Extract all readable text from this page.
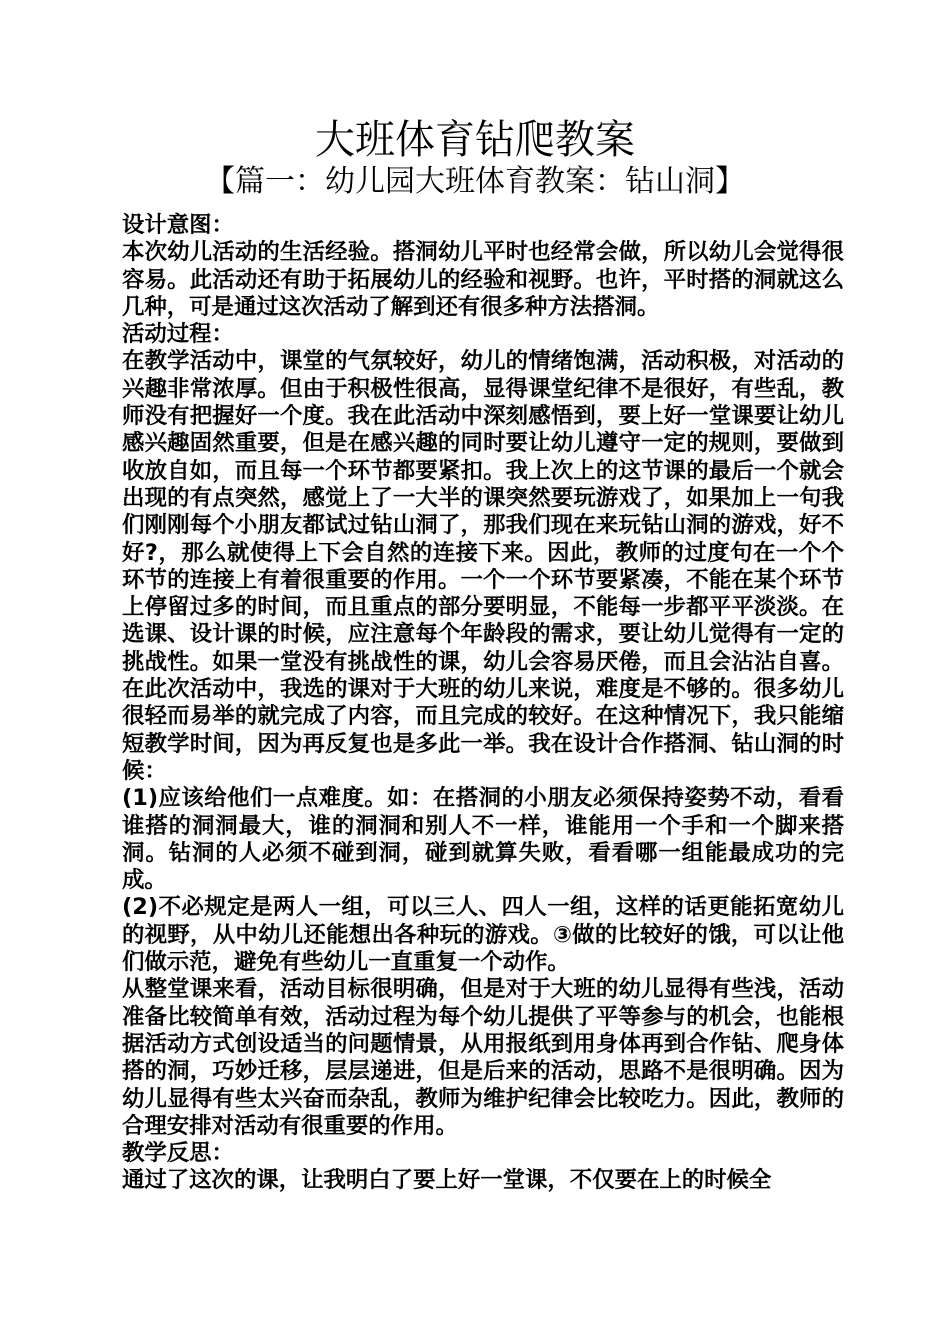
大班体育钻爬教案
【篇一：幼儿园大班体育教案：钻山洞】

设计意图：

本次幼儿活动的生活经验。搭洞幼儿平时也经常会做，所以幼儿会觉得很容易。此活动还有助于拓展幼儿的经验和视野。也许，平时搭的洞就这么几种，可是通过这次活动了解到还有很多种方法搭洞。

活动过程：

在教学活动中，课堂的气氛较好，幼儿的情绪饱满，活动积极，对活动的兴趣非常浓厚。但由于积极性很高，显得课堂纪律不是很好，有些乱，教师没有把握好一个度。我在此活动中深刻感悟到，要上好一堂课要让幼儿感兴趣固然重要，但是在感兴趣的同时要让幼儿遵守一定的规则，要做到收放自如，而且每一个环节都要紧扣。我上次上的这节课的最后一个就会出现的有点突然，感觉上了一大半的课突然要玩游戏了，如果加上一句我们刚刚每个小朋友都试过钻山洞了，那我们现在来玩钻山洞的游戏，好不好?，那么就使得上下会自然的连接下来。因此，教师的过度句在一个个环节的连接上有着很重要的作用。一个一个环节要紧凑，不能在某个环节上停留过多的时间，而且重点的部分要明显，不能每一步都平平淡淡。在选课、设计课的时候，应注意每个年龄段的需求，要让幼儿觉得有一定的挑战性。如果一堂没有挑战性的课，幼儿会容易厌倦，而且会沾沾自喜。在此次活动中，我选的课对于大班的幼儿来说，难度是不够的。很多幼儿很轻而易举的就完成了内容，而且完成的较好。在这种情况下，我只能缩短教学时间，因为再反复也是多此一举。我在设计合作搭洞、钻山洞的时候：

(1)应该给他们一点难度。如：在搭洞的小朋友必须保持姿势不动，看看谁搭的洞洞最大，谁的洞洞和别人不一样，谁能用一个手和一个脚来搭洞。钻洞的人必须不碰到洞，碰到就算失败，看看哪一组能最成功的完成。

(2)不必规定是两人一组，可以三人、四人一组，这样的话更能拓宽幼儿的视野，从中幼儿还能想出各种玩的游戏。③做的比较好的饿，可以让他们做示范，避免有些幼儿一直重复一个动作。

从整堂课来看，活动目标很明确，但是对于大班的幼儿显得有些浅，活动准备比较简单有效，活动过程为每个幼儿提供了平等参与的机会，也能根据活动方式创设适当的问题情景，从用报纸到用身体再到合作钻、爬身体搭的洞，巧妙迁移，层层递进，但是后来的活动，思路不是很明确。因为幼儿显得有些太兴奋而杂乱，教师为维护纪律会比较吃力。因此，教师的合理安排对活动有很重要的作用。

教学反思：

通过了这次的课，让我明白了要上好一堂课，不仅要在上的时候全
